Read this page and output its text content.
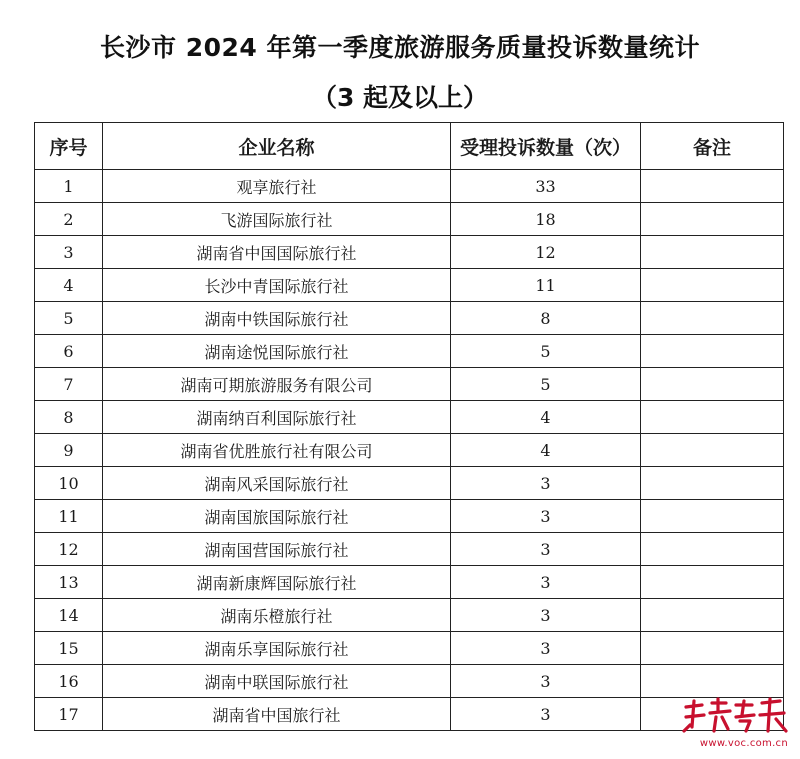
长沙市 2024 年第一季度旅游服务质量投诉数量统计
（3 起及以上）
序号	企业名称	受理投诉数量（次）	备注
1	观享旅行社	33	
2	飞游国际旅行社	18	
3	湖南省中国国际旅行社	12	
4	长沙中青国际旅行社	11	
5	湖南中铁国际旅行社	8	
6	湖南途悦国际旅行社	5	
7	湖南可期旅游服务有限公司	5	
8	湖南纳百利国际旅行社	4	
9	湖南省优胜旅行社有限公司	4	
10	湖南风采国际旅行社	3	
11	湖南国旅国际旅行社	3	
12	湖南国营国际旅行社	3	
13	湖南新康辉国际旅行社	3	
14	湖南乐橙旅行社	3	
15	湖南乐享国际旅行社	3	
16	湖南中联国际旅行社	3	
17	湖南省中国旅行社	3	
www.voc.com.cn
